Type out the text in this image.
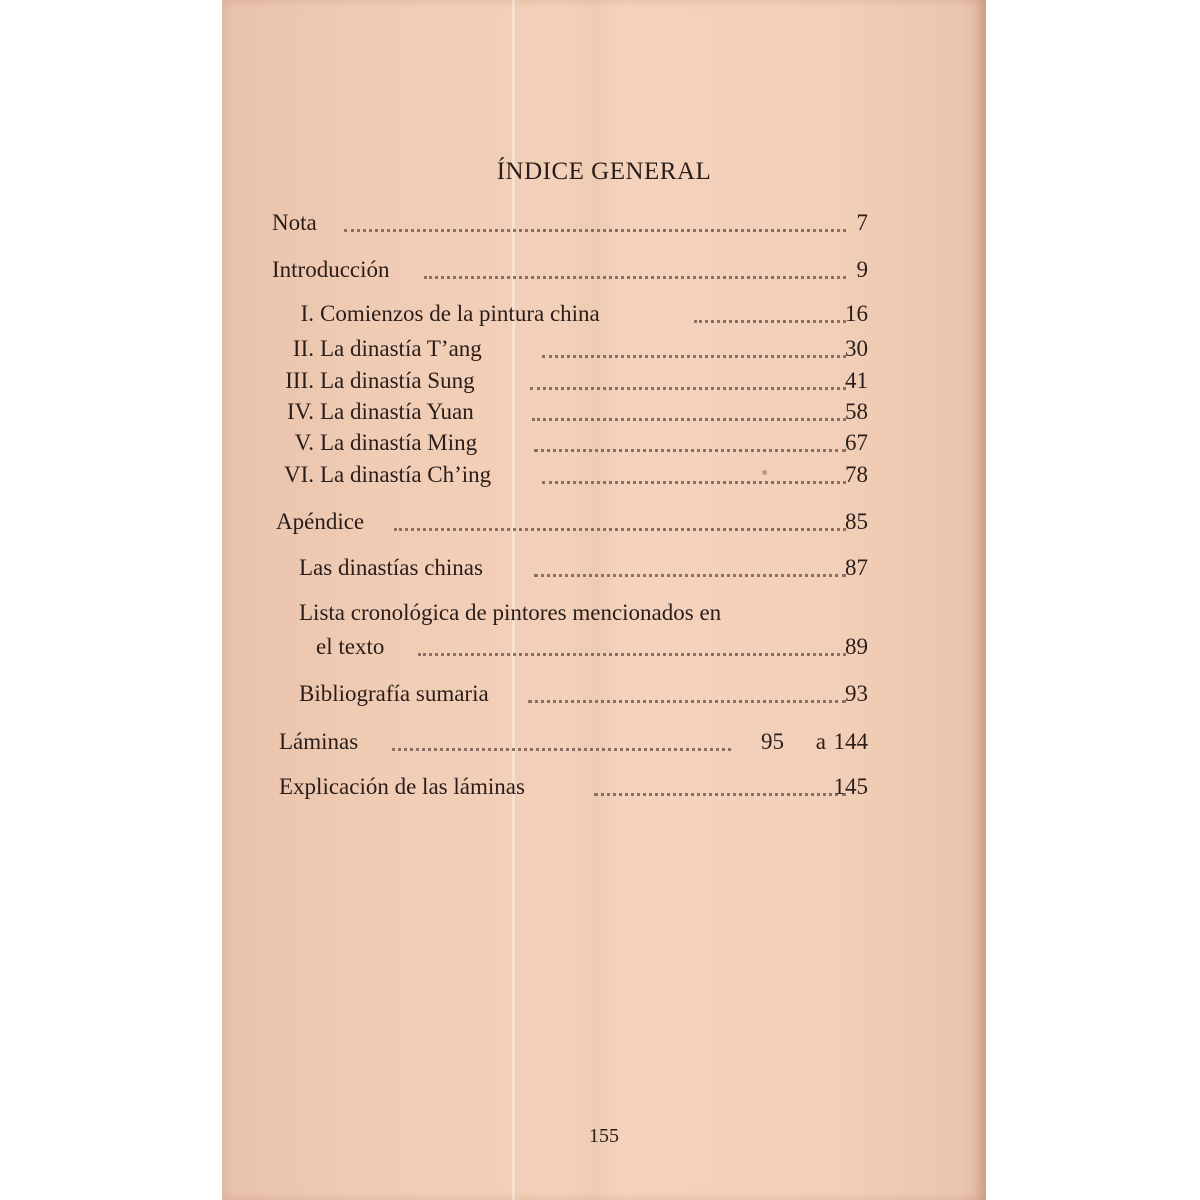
ÍNDICE GENERAL
Nota	7
Introducción	9
I. Comienzos de la pintura china	16
II. La dinastía T’ang	30
III. La dinastía Sung	41
IV. La dinastía Yuan	58
V. La dinastía Ming	67
VI. La dinastía Ch’ing	78
Apéndice	85
Las dinastías chinas	87
Lista cronológica de pintores mencionados en
el texto	89
Bibliografía sumaria	93
Láminas	95 a 144
Explicación de las láminas	145
155
